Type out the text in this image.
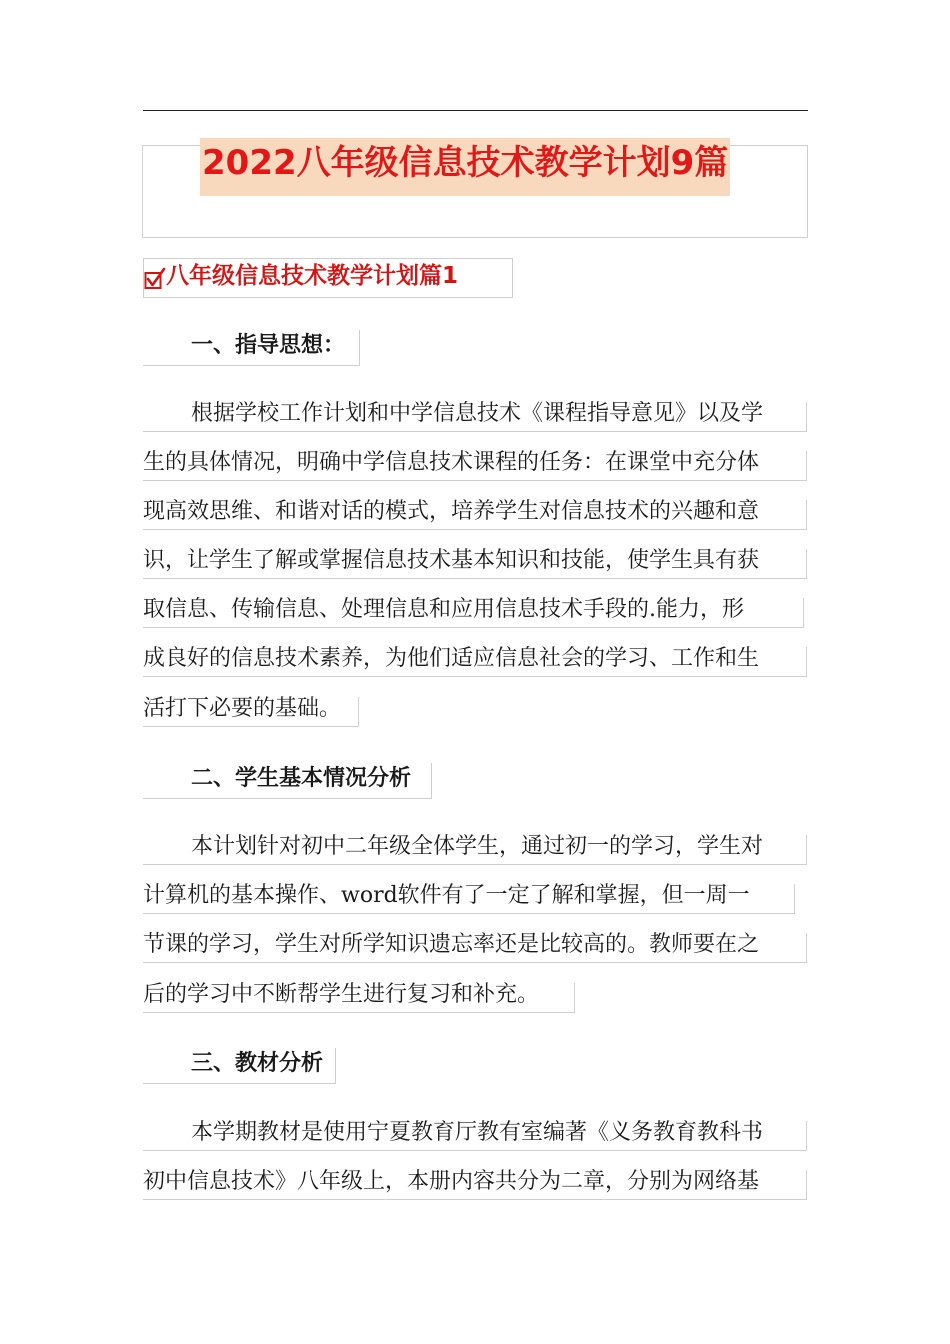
2022八年级信息技术教学计划9篇
八年级信息技术教学计划篇1
一、指导思想：
根据学校工作计划和中学信息技术《课程指导意见》以及学
生的具体情况，明确中学信息技术课程的任务：在课堂中充分体
现高效思维、和谐对话的模式，培养学生对信息技术的兴趣和意
识，让学生了解或掌握信息技术基本知识和技能，使学生具有获
取信息、传输信息、处理信息和应用信息技术手段的.能力，形
成良好的信息技术素养，为他们适应信息社会的学习、工作和生
活打下必要的基础。
二、学生基本情况分析
本计划针对初中二年级全体学生，通过初一的学习，学生对
计算机的基本操作、word软件有了一定了解和掌握，但一周一
节课的学习，学生对所学知识遗忘率还是比较高的。教师要在之
后的学习中不断帮学生进行复习和补充。
三、教材分析
本学期教材是使用宁夏教育厅教有室编著《义务教育教科书
初中信息技术》八年级上，本册内容共分为二章，分别为网络基
